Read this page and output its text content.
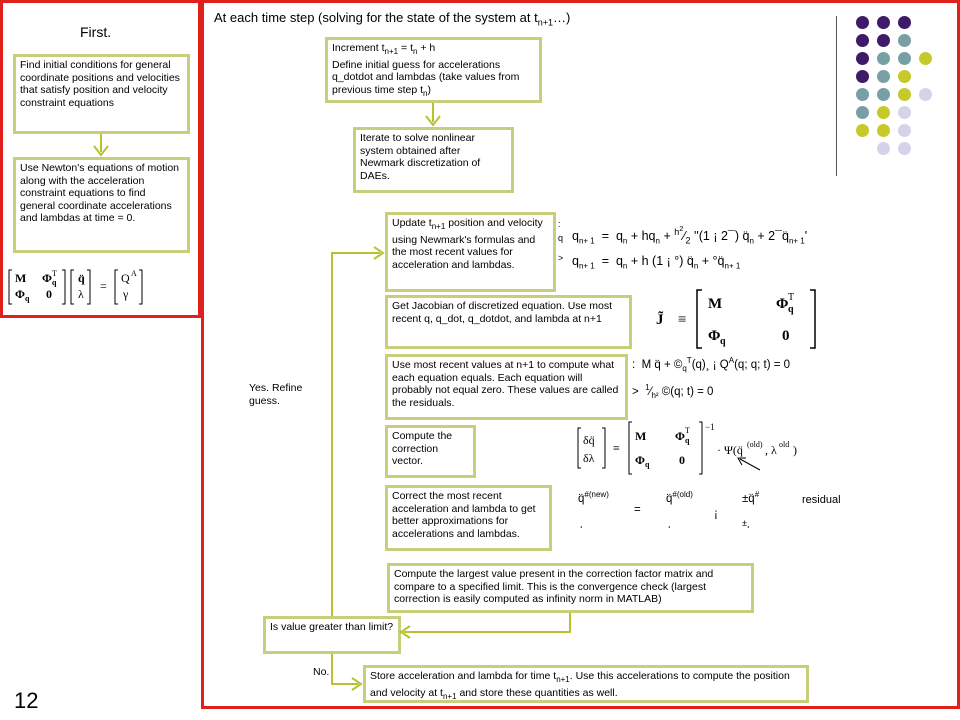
First.
Find initial conditions for general coordinate positions and velocities that satisfy position and velocity constraint equations
Use Newton's equations of motion along with the acceleration constraint equations to find general coordinate accelerations and lambdas at time = 0.
M
Φ q
Φ q
T
0
q̈
λ
=
Q A
γ
At each time step (solving for the state of the system at $t_{n+1}\dots$)
Increment $t_{n+1} = t_n + h$
Define initial guess for accelerations q_dotdot and lambdas (take values from previous time step $t_n$)
Iterate to solve nonlinear system obtained after Newmark discretization of DAEs.
Update $t_{n+1}$ position and velocity using Newmark's formulas and the most recent values for acceleration and lambdas.
Get Jacobian of discretized equation. Use most recent q, q_dot, q_dotdot, and lambda at n+1
Use most recent values at n+1 to compute what each equation equals. Each equation will probably not equal zero. These values are called the residuals.
Compute the correction vector.
Correct the most recent acceleration and lambda to get better approximations for accelerations and lambdas.
Compute the largest value present in the correction factor matrix and compare to a specified limit. This is the convergence check (largest correction is easily computed as infinity norm in MATLAB)
Is value greater than limit?
Store acceleration and lambda for time $t_{n+1}$. Use this accelerations to compute the position and velocity at $t_{n+1}$ and store these quantities as well.
Yes. Refine guess.
No.
residual
:
q $q_{n+ 1} = q_n + hq_n$ + $^{h^2}⁄_2$ ''(1 ¡ 2¯) $q̈_n$ + $2¯q̈_{n+ 1}'$
> $q_{n+ 1} = q_n + h$ (1 ¡ °) $q̈_n$ + $^\circ q̈_{n+ 1}$
J̃ ≡
M
Φ q
Φ q
T
0
:  M q̈ + $©_q^T(q)¸$ ¡ $Q^A(q$; q; t) = 0
>  $^1⁄_{h^2}$ ©(q; t) = 0
δq̈
δλ
≡
M
Φ q
Φ q
T
0
−1
· Ψ(q̈ (old) , λ old )
q̈$^{\#(new)}$
¸
=
q̈$^{\#(old)}$
¸
¡
±q̈#
±¸
12
